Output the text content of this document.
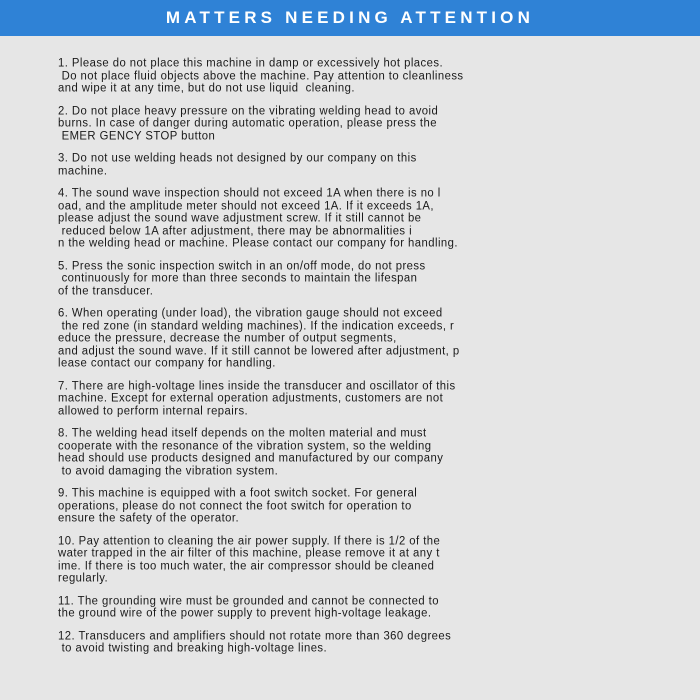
MATTERS NEEDING ATTENTION
1. Please do not place this machine in damp or excessively hot places.
Do not place fluid objects above the machine. Pay attention to cleanliness
and wipe it at any time, but do not use liquid  cleaning.
2. Do not place heavy pressure on the vibrating welding head to avoid
burns. In case of danger during automatic operation, please press the
EMER GENCY STOP button
3. Do not use welding heads not designed by our company on this
machine.
4. The sound wave inspection should not exceed 1A when there is no l
oad, and the amplitude meter should not exceed 1A. If it exceeds 1A,
please adjust the sound wave adjustment screw. If it still cannot be
reduced below 1A after adjustment, there may be abnormalities i
n the welding head or machine. Please contact our company for handling.
5. Press the sonic inspection switch in an on/off mode, do not press
continuously for more than three seconds to maintain the lifespan
of the transducer.
6. When operating (under load), the vibration gauge should not exceed
the red zone (in standard welding machines). If the indication exceeds, r
educe the pressure, decrease the number of output segments,
and adjust the sound wave. If it still cannot be lowered after adjustment, p
lease contact our company for handling.
7. There are high-voltage lines inside the transducer and oscillator of this
machine. Except for external operation adjustments, customers are not
allowed to perform internal repairs.
8. The welding head itself depends on the molten material and must
cooperate with the resonance of the vibration system, so the welding
head should use products designed and manufactured by our company
to avoid damaging the vibration system.
9. This machine is equipped with a foot switch socket. For general
operations, please do not connect the foot switch for operation to
ensure the safety of the operator.
10. Pay attention to cleaning the air power supply. If there is 1/2 of the
water trapped in the air filter of this machine, please remove it at any t
ime. If there is too much water, the air compressor should be cleaned
regularly.
11. The grounding wire must be grounded and cannot be connected to
the ground wire of the power supply to prevent high-voltage leakage.
12. Transducers and amplifiers should not rotate more than 360 degrees
to avoid twisting and breaking high-voltage lines.
